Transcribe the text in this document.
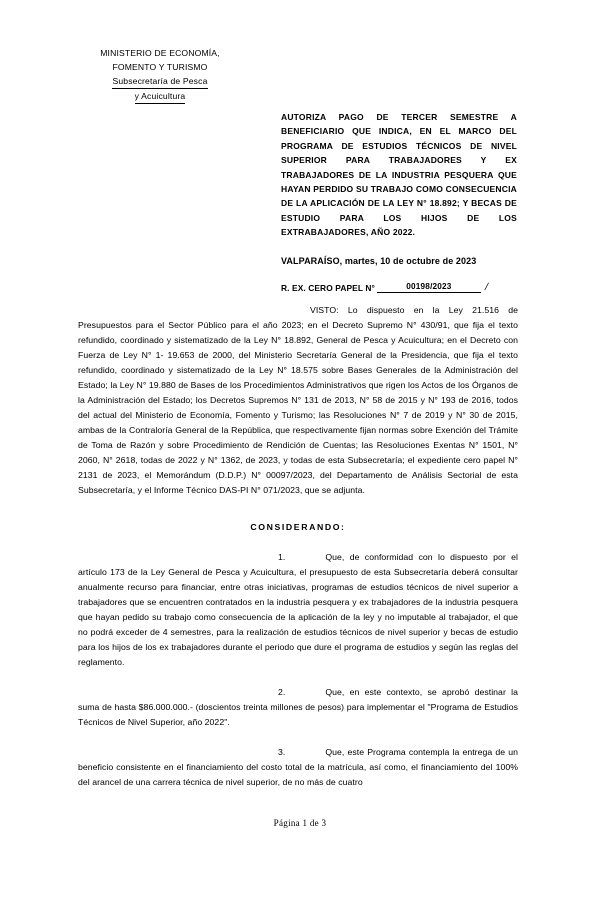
MINISTERIO DE ECONOMÍA,
FOMENTO Y TURISMO
Subsecretaría de Pesca
y Acuicultura
AUTORIZA PAGO DE TERCER SEMESTRE A BENEFICIARIO QUE INDICA, EN EL MARCO DEL PROGRAMA DE ESTUDIOS TÉCNICOS DE NIVEL SUPERIOR PARA TRABAJADORES Y EX TRABAJADORES DE LA INDUSTRIA PESQUERA QUE HAYAN PERDIDO SU TRABAJO COMO CONSECUENCIA DE LA APLICACIÓN DE LA LEY N° 18.892; Y BECAS DE ESTUDIO PARA LOS HIJOS DE LOS EXTRABAJADORES, AÑO 2022.
VALPARAÍSO, martes, 10 de octubre de 2023
R. EX. CERO PAPEL N°	00198/2023	/

VISTO: Lo dispuesto en la Ley 21.516 de Presupuestos para el Sector Público para el año 2023; en el Decreto Supremo N° 430/91, que fija el texto refundido, coordinado y sistematizado de la Ley N° 18.892, General de Pesca y Acuicultura; en el Decreto con Fuerza de Ley N° 1- 19.653 de 2000, del Ministerio Secretaría General de la Presidencia, que fija el texto refundido, coordinado y sistematizado de la Ley N° 18.575 sobre Bases Generales de la Administración del Estado; la Ley N° 19.880 de Bases de los Procedimientos Administrativos que rigen los Actos de los Órganos de la Administración del Estado; los Decretos Supremos N° 131 de 2013, N° 58 de 2015 y N° 193 de 2016, todos del actual del Ministerio de Economía, Fomento y Turismo; las Resoluciones N° 7 de 2019 y N° 30 de 2015, ambas de la Contraloría General de la República, que respectivamente fijan normas sobre Exención del Trámite de Toma de Razón y sobre Procedimiento de Rendición de Cuentas; las Resoluciones Exentas N° 1501, N° 2060, N° 2618, todas de 2022 y N° 1362, de 2023, y todas de esta Subsecretaría; el expediente cero papel N° 2131 de 2023, el Memorándum (D.D.P.) N° 00097/2023, del Departamento de Análisis Sectorial de esta Subsecretaría, y el Informe Técnico DAS-PI N° 071/2023, que se adjunta.

CONSIDERANDO:

1.	Que, de conformidad con lo dispuesto por el artículo 173 de la Ley General de Pesca y Acuicultura, el presupuesto de esta Subsecretaría deberá consultar anualmente recurso para financiar, entre otras iniciativas, programas de estudios técnicos de nivel superior a trabajadores que se encuentren contratados en la industria pesquera y ex trabajadores de la industria pesquera que hayan pedido su trabajo como consecuencia de la aplicación de la ley y no imputable al trabajador, el que no podrá exceder de 4 semestres, para la realización de estudios técnicos de nivel superior y becas de estudio para los hijos de los ex trabajadores durante el periodo que dure el programa de estudios y según las reglas del reglamento.

2.	Que, en este contexto, se aprobó destinar la suma de hasta $86.000.000.- (doscientos treinta millones de pesos) para implementar el "Programa de Estudios Técnicos de Nivel Superior, año 2022".

3.	Que, este Programa contempla la entrega de un beneficio consistente en el financiamiento del costo total de la matrícula, así como, el financiamiento del 100% del arancel de una carrera técnica de nivel superior, de no más de cuatro

Página 1 de 3
